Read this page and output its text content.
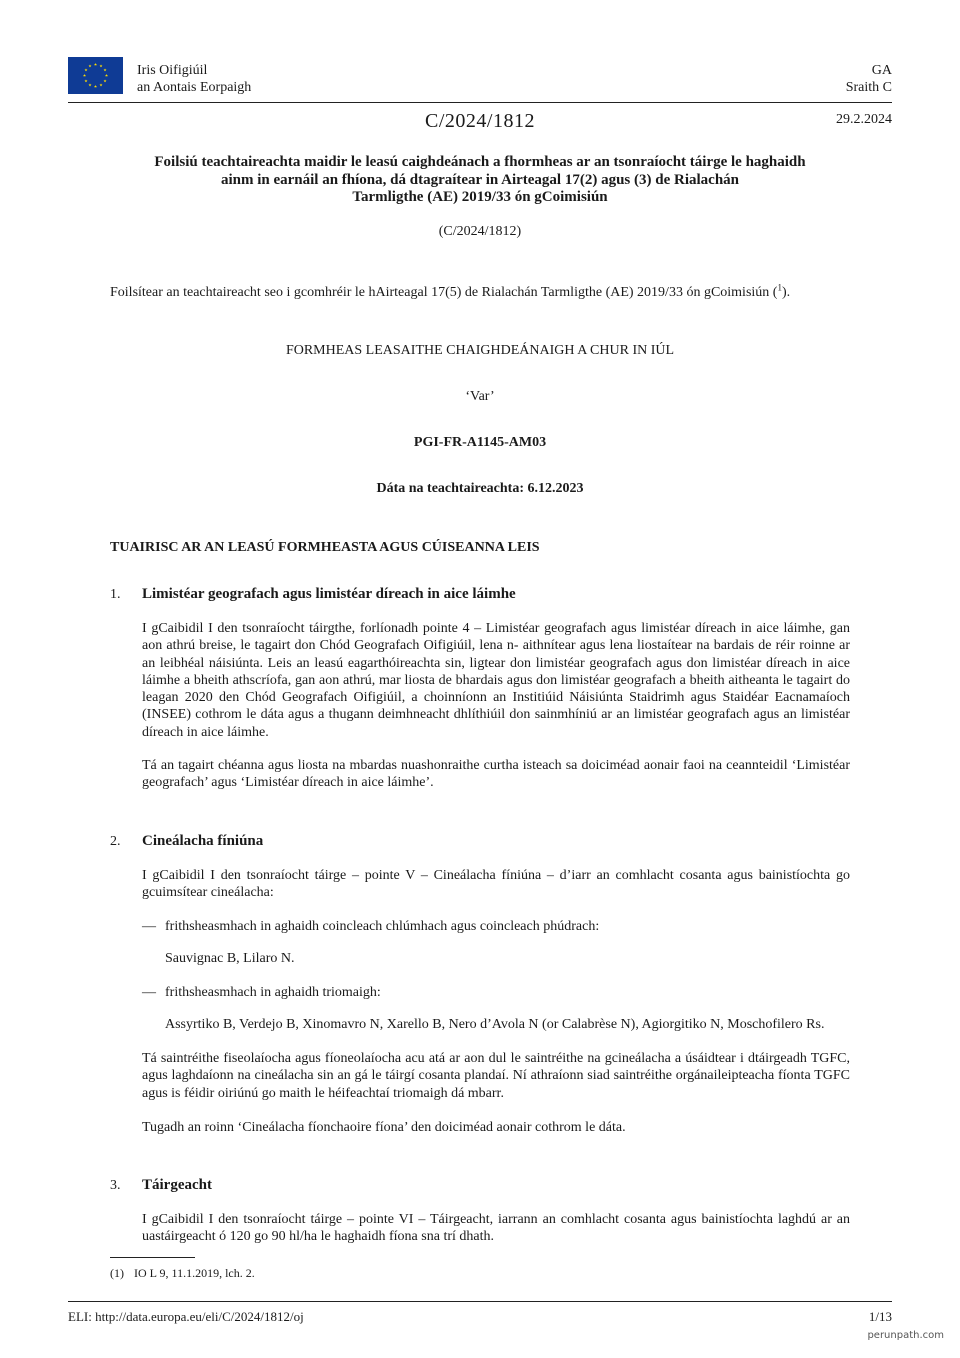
Iris Oifigiúil
an Aontais Eorpaigh
GA
Sraith C
C/2024/1812	29.2.2024
Foilsiú teachtaireachta maidir le leasú caighdeánach a fhormheas ar an tsonraíocht táirge le haghaidh
ainm in earnáil an fhíona, dá dtagraítear in Airteagal 17(2) agus (3) de Rialachán
Tarmligthe (AE) 2019/33 ón gCoimisiún
(C/2024/1812)
Foilsítear an teachtaireacht seo i gcomhréir le hAirteagal 17(5) de Rialachán Tarmligthe (AE) 2019/33 ón gCoimisiún ($^1$).
FORMHEAS LEASAITHE CHAIGHDEÁNAIGH A CHUR IN IÚL
‘Var’
PGI-FR-A1145-AM03
Dáta na teachtaireachta: 6.12.2023
TUAIRISC AR AN LEASÚ FORMHEASTA AGUS CÚISEANNA LEIS
1. Limistéar geografach agus limistéar díreach in aice láimhe
I gCaibidil I den tsonraíocht táirgthe, forlíonadh pointe 4 – Limistéar geografach agus limistéar díreach in aice láimhe, gan aon athrú breise, le tagairt don Chód Geografach Oifigiúil, lena n- aithnítear agus lena liostaítear na bardais de réir roinne ar an leibhéal náisiúnta. Leis an leasú eagarthóireachta sin, ligtear don limistéar geografach agus don limistéar díreach in aice láimhe a bheith athscríofa, gan aon athrú, mar liosta de bhardais agus don limistéar geografach a bheith aitheanta le tagairt do leagan 2020 den Chód Geografach Oifigiúil, a choinníonn an Institiúid Náisiúnta Staidrimh agus Staidéar Eacnamaíoch (INSEE) cothrom le dáta agus a thugann deimhneacht dhlíthiúil don sainmhíniú ar an limistéar geografach agus an limistéar díreach in aice láimhe.
Tá an tagairt chéanna agus liosta na mbardas nuashonraithe curtha isteach sa doiciméad aonair faoi na ceannteidil ‘Limistéar geografach’ agus ‘Limistéar díreach in aice láimhe’.
2. Cineálacha fíniúna
I gCaibidil I den tsonraíocht táirge – pointe V – Cineálacha fíniúna – d’iarr an comhlacht cosanta agus bainistíochta go gcuimsítear cineálacha:
— frithsheasmhach in aghaidh coincleach chlúmhach agus coincleach phúdrach:
Sauvignac B, Lilaro N.
— frithsheasmhach in aghaidh triomaigh:
Assyrtiko B, Verdejo B, Xinomavro N, Xarello B, Nero d’Avola N (or Calabrèse N), Agiorgitiko N, Moschofilero Rs.
Tá saintréithe fiseolaíocha agus fíoneolaíocha acu atá ar aon dul le saintréithe na gcineálacha a úsáidtear i dtáirgeadh TGFC, agus laghdaíonn na cineálacha sin an gá le táirgí cosanta plandaí. Ní athraíonn siad saintréithe orgánaileipteacha fíonta TGFC agus is féidir oiriúnú go maith le héifeachtaí triomaigh dá mbarr.
Tugadh an roinn ‘Cineálacha fíonchaoire fíona’ den doiciméad aonair cothrom le dáta.
3. Táirgeacht
I gCaibidil I den tsonraíocht táirge – pointe VI – Táirgeacht, iarrann an comhlacht cosanta agus bainistíochta laghdú ar an uastáirgeacht ó 120 go 90 hl/ha le haghaidh fíona sna trí dhath.
(1) IO L 9, 11.1.2019, lch. 2.
ELI: http://data.europa.eu/eli/C/2024/1812/oj	1/13
perunpath.com
